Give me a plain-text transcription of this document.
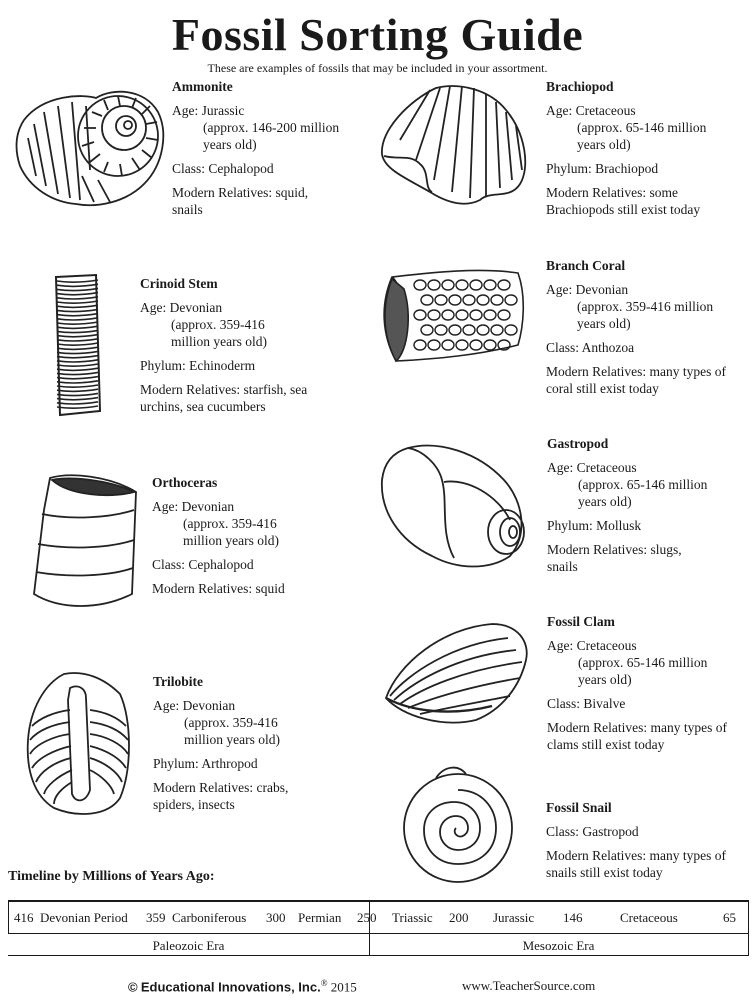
Fossil Sorting Guide
These are examples of fossils that may be included in your assortment.
Ammonite
Age: Jurassic
(approx. 146-200 million years old)
Class: Cephalopod
Modern Relatives: squid, snails
Crinoid Stem
Age: Devonian
(approx. 359-416 million years old)
Phylum: Echinoderm
Modern Relatives: starfish, sea urchins, sea cucumbers
Orthoceras
Age: Devonian
(approx. 359-416 million years old)
Class: Cephalopod
Modern Relatives: squid
Trilobite
Age: Devonian
(approx. 359-416 million years old)
Phylum: Arthropod
Modern Relatives: crabs, spiders, insects
Brachiopod
Age: Cretaceous
(approx. 65-146 million years old)
Phylum: Brachiopod
Modern Relatives: some Brachiopods still exist today
Branch Coral
Age: Devonian
(approx. 359-416 million years old)
Class: Anthozoa
Modern Relatives: many types of coral still exist today
Gastropod
Age: Cretaceous
(approx. 65-146 million years old)
Phylum: Mollusk
Modern Relatives: slugs, snails
Fossil Clam
Age: Cretaceous
(approx. 65-146 million years old)
Class: Bivalve
Modern Relatives: many types of clams still exist today
Fossil Snail
Class: Gastropod
Modern Relatives: many types of snails still exist today
Timeline by Millions of Years Ago:
416 Devonian Period 359 Carboniferous 300 Permian 250 Triassic 200 Jurassic 146	Cretaceous	65
Paleozoic Era	Mesozoic Era
© Educational Innovations, Inc.® 2015	www.TeacherSource.com
